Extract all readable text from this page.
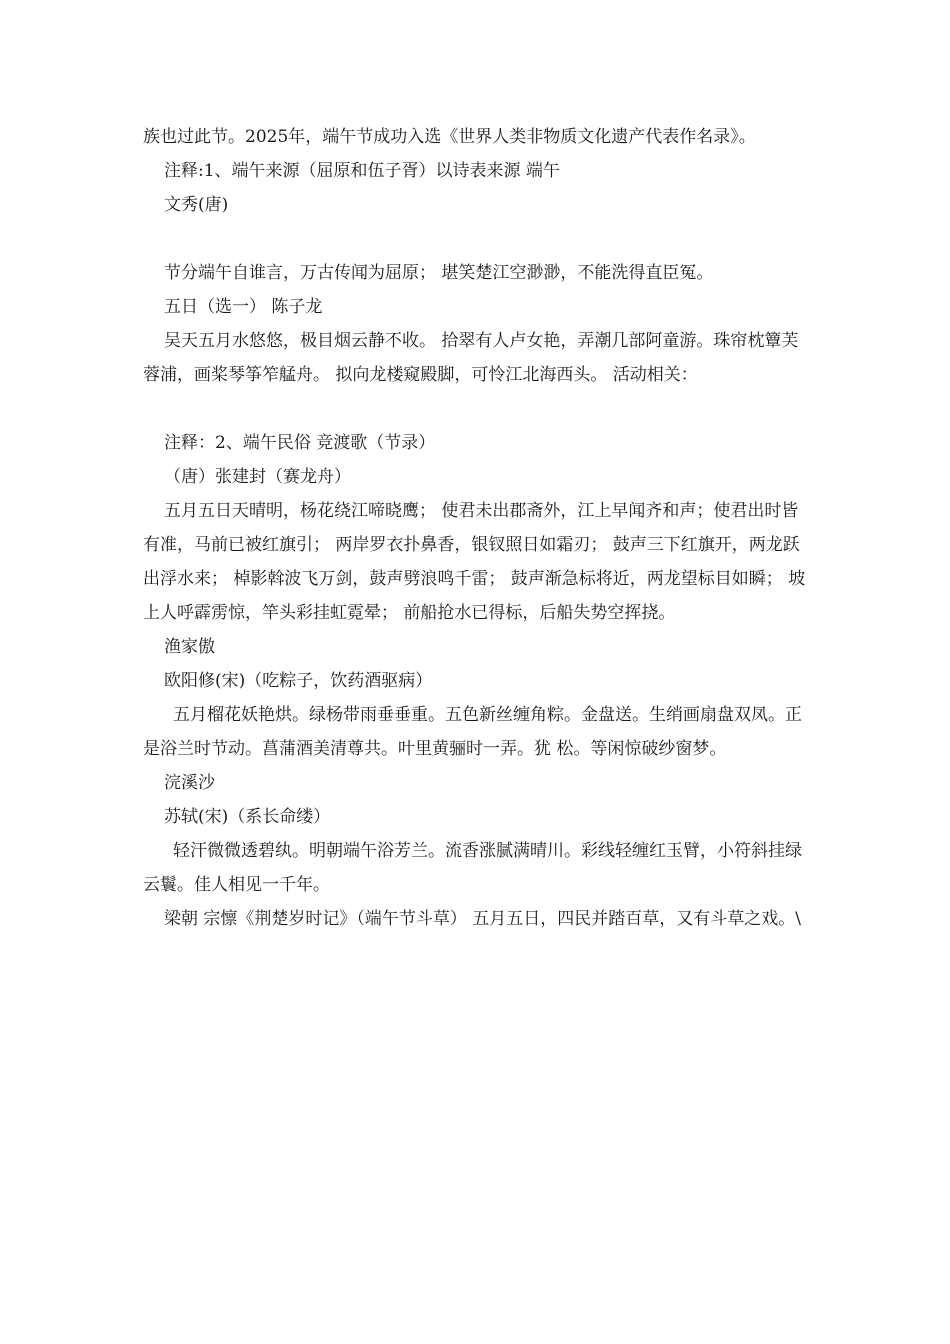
族也过此节。2025年，端午节成功入选《世界人类非物质文化遗产代表作名录》。

注释:1、端午来源（屈原和伍子胥）以诗表来源 端午

文秀(唐)

节分端午自谁言，万古传闻为屈原； 堪笑楚江空渺渺，不能洗得直臣冤。

五日（选一） 陈子龙

吴天五月水悠悠，极目烟云静不收。 拾翠有人卢女艳，弄潮几部阿童游。珠帘枕簟芙蓉浦，画桨琴筝笮艋舟。 拟向龙楼窥殿脚，可怜江北海西头。 活动相关：

注释：2、端午民俗 竞渡歌（节录）

（唐）张建封（赛龙舟）

五月五日天晴明，杨花绕江啼晓鹰； 使君未出郡斋外，江上早闻齐和声；使君出时皆有准，马前已被红旗引； 两岸罗衣扑鼻香，银钗照日如霜刃； 鼓声三下红旗开，两龙跃出浮水来； 棹影斡波飞万剑，鼓声劈浪鸣千雷； 鼓声渐急标将近，两龙望标目如瞬； 坡上人呼霹雳惊，竿头彩挂虹霓晕； 前船抢水已得标，后船失势空挥挠。

渔家傲

欧阳修(宋)（吃粽子，饮药酒驱病）

五月榴花妖艳烘。绿杨带雨垂垂重。五色新丝缠角粽。金盘送。生绡画扇盘双凤。正是浴兰时节动。菖蒲酒美清尊共。叶里黄骊时一弄。犹 松。等闲惊破纱窗梦。

浣溪沙

苏轼(宋)（系长命缕）

轻汗微微透碧纨。明朝端午浴芳兰。流香涨腻满晴川。彩线轻缠红玉臂，小符斜挂绿云鬟。佳人相见一千年。

梁朝 宗懔《荆楚岁时记》（端午节斗草） 五月五日，四民并踏百草，又有斗草之戏。\
